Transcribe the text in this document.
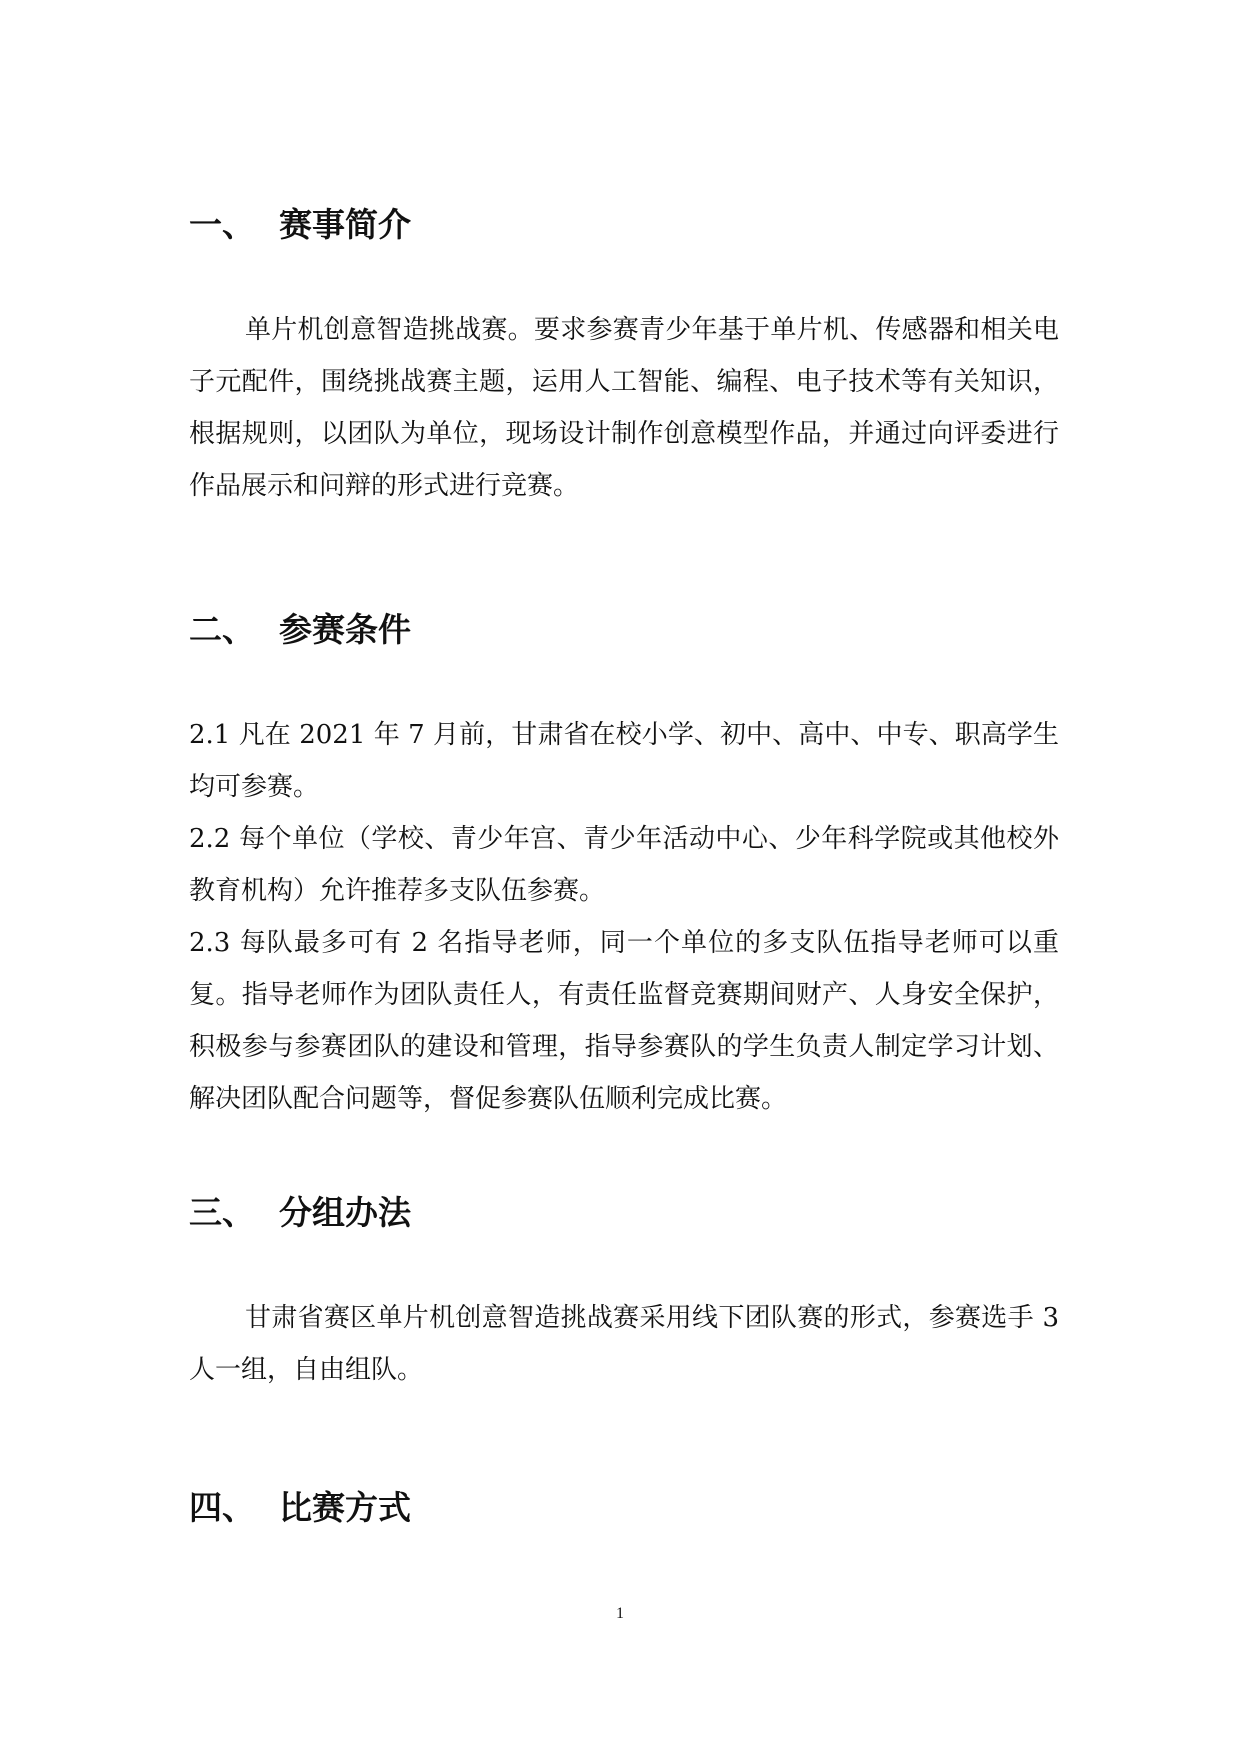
一、 赛事简介

单片机创意智造挑战赛。要求参赛青少年基于单片机、传感器和相关电子元配件，围绕挑战赛主题，运用人工智能、编程、电子技术等有关知识，根据规则，以团队为单位，现场设计制作创意模型作品，并通过向评委进行作品展示和问辩的形式进行竞赛。

二、 参赛条件

2.1 凡在 2021 年 7 月前，甘肃省在校小学、初中、高中、中专、职高学生均可参赛。

2.2 每个单位（学校、青少年宫、青少年活动中心、少年科学院或其他校外教育机构）允许推荐多支队伍参赛。

2.3 每队最多可有 2 名指导老师，同一个单位的多支队伍指导老师可以重复。指导老师作为团队责任人，有责任监督竞赛期间财产、人身安全保护，积极参与参赛团队的建设和管理，指导参赛队的学生负责人制定学习计划、解决团队配合问题等，督促参赛队伍顺利完成比赛。

三、 分组办法

甘肃省赛区单片机创意智造挑战赛采用线下团队赛的形式，参赛选手 3 人一组，自由组队。

四、 比赛方式
1
